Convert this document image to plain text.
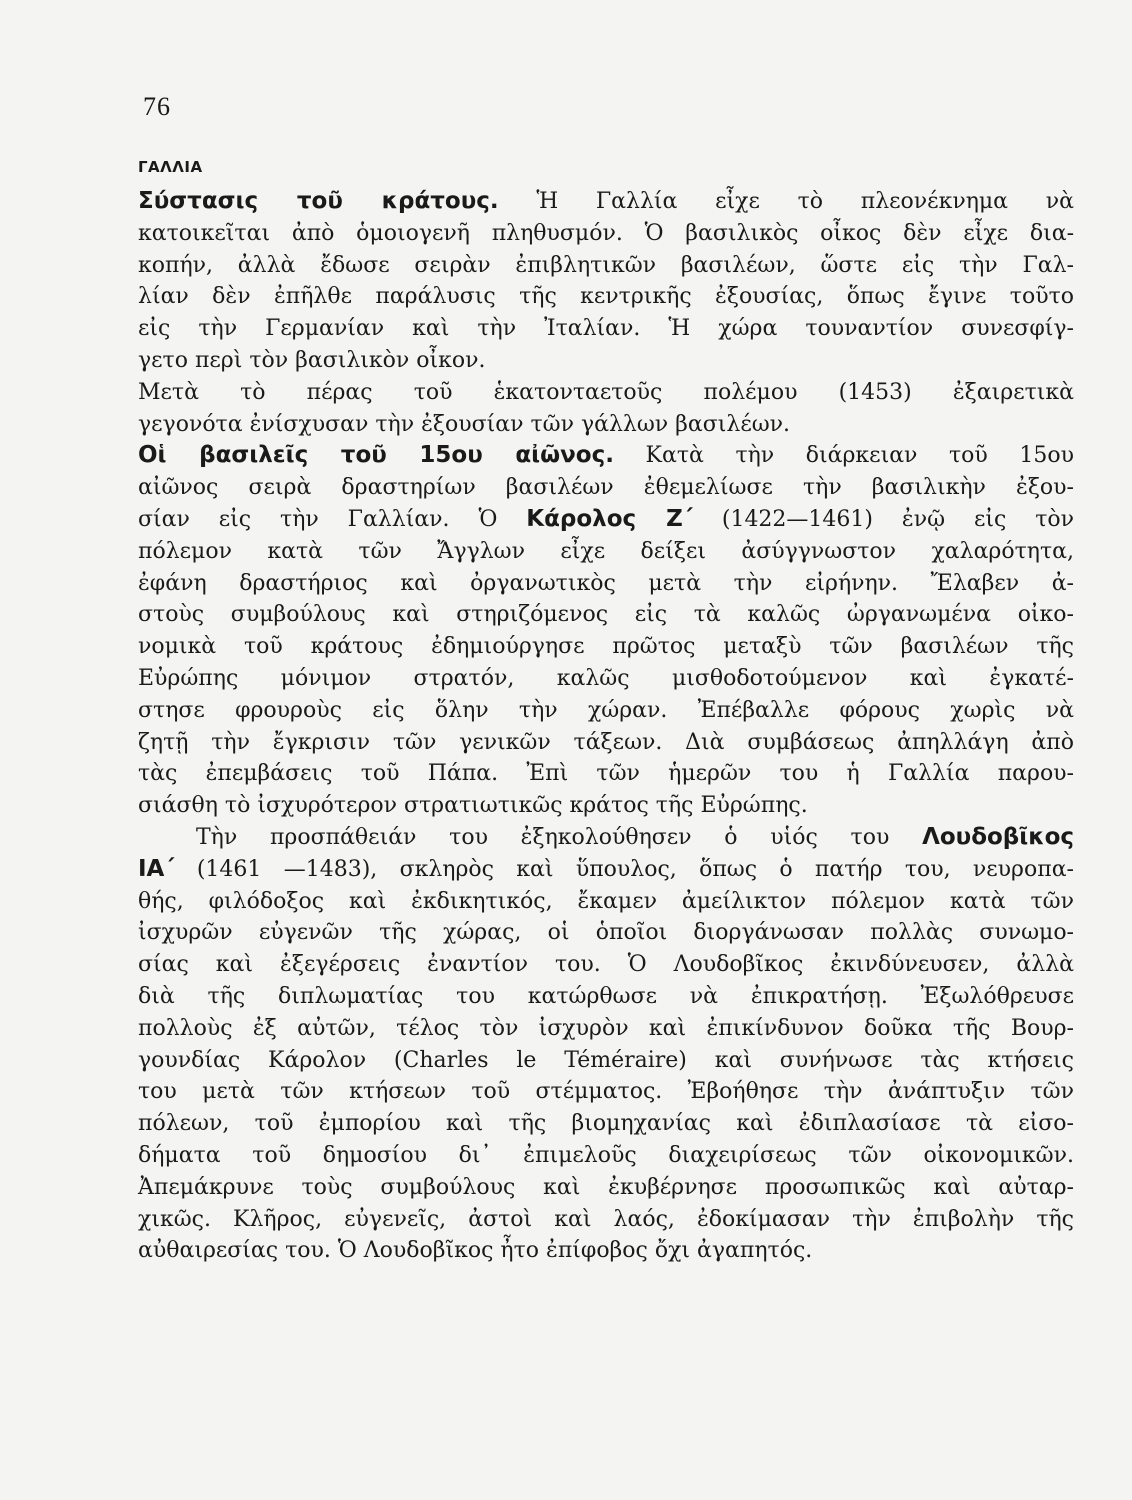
76
ΓΑΛΛΙΑ
Σύστασις τοῦ κράτους. Ἡ Γαλλία εἶχε τὸ πλεονέκνημα νὰ
κατοικεῖται ἀπὸ ὁμοιογενῆ πληθυσμόν. Ὁ βασιλικὸς οἶκος δὲν εἶχε δια-
κοπήν, ἀλλὰ ἔδωσε σειρὰν ἐπιβλητικῶν βασιλέων, ὥστε εἰς τὴν Γαλ-
λίαν δὲν ἐπῆλθε παράλυσις τῆς κεντρικῆς ἐξουσίας, ὅπως ἔγινε τοῦτο
εἰς τὴν Γερμανίαν καὶ τὴν Ἰταλίαν. Ἡ χώρα τουναντίον συνεσφίγ-
γετο περὶ τὸν βασιλικὸν οἶκον.
Μετὰ τὸ πέρας τοῦ ἑκατονταετοῦς πολέμου (1453) ἐξαιρετικὰ
γεγονότα ἐνίσχυσαν τὴν ἐξουσίαν τῶν γάλλων βασιλέων.
Οἱ βασιλεῖς τοῦ 15ου αἰῶνος. Κατὰ τὴν διάρκειαν τοῦ 15ου
αἰῶνος σειρὰ δραστηρίων βασιλέων ἐθεμελίωσε τὴν βασιλικὴν ἐξου-
σίαν εἰς τὴν Γαλλίαν. Ὁ Κάρολος Ζ΄ (1422—1461) ἐνῷ εἰς τὸν
πόλεμον κατὰ τῶν Ἄγγλων εἶχε δείξει ἀσύγγνωστον χαλαρότητα,
ἐφάνη δραστήριος καὶ ὀργανωτικὸς μετὰ τὴν εἰρήνην. Ἔλαβεν ἀ-
στοὺς συμβούλους καὶ στηριζόμενος εἰς τὰ καλῶς ὠργανωμένα οἰκο-
νομικὰ τοῦ κράτους ἐδημιούργησε πρῶτος μεταξὺ τῶν βασιλέων τῆς
Εὐρώπης μόνιμον στρατόν, καλῶς μισθοδοτούμενον καὶ ἐγκατέ-
στησε φρουροὺς εἰς ὅλην τὴν χώραν. Ἐπέβαλλε φόρους χωρὶς νὰ
ζητῇ τὴν ἔγκρισιν τῶν γενικῶν τάξεων. Διὰ συμβάσεως ἀπηλλάγη ἀπὸ
τὰς ἐπεμβάσεις τοῦ Πάπα. Ἐπὶ τῶν ἡμερῶν του ἡ Γαλλία παρου-
σιάσθη τὸ ἰσχυρότερον στρατιωτικῶς κράτος τῆς Εὐρώπης.
Τὴν προσπάθειάν του ἐξηκολούθησεν ὁ υἱός του Λουδοβῖκος
ΙΑ΄ (1461 —1483), σκληρὸς καὶ ὕπουλος, ὅπως ὁ πατήρ του, νευροπα-
θής, φιλόδοξος καὶ ἐκδικητικός, ἔκαμεν ἀμείλικτον πόλεμον κατὰ τῶν
ἰσχυρῶν εὐγενῶν τῆς χώρας, οἱ ὁποῖοι διοργάνωσαν πολλὰς συνωμο-
σίας καὶ ἐξεγέρσεις ἐναντίον του. Ὁ Λουδοβῖκος ἐκινδύνευσεν, ἀλλὰ
διὰ τῆς διπλωματίας του κατώρθωσε νὰ ἐπικρατήσῃ. Ἐξωλόθρευσε
πολλοὺς ἐξ αὐτῶν, τέλος τὸν ἰσχυρὸν καὶ ἐπικίνδυνον δοῦκα τῆς Βουρ-
γουνδίας Κάρολον (Charles le Téméraire) καὶ συνήνωσε τὰς κτήσεις
του μετὰ τῶν κτήσεων τοῦ στέμματος. Ἐβοήθησε τὴν ἀνάπτυξιν τῶν
πόλεων, τοῦ ἐμπορίου καὶ τῆς βιομηχανίας καὶ ἐδιπλασίασε τὰ εἰσο-
δήματα τοῦ δημοσίου δι᾽ ἐπιμελοῦς διαχειρίσεως τῶν οἰκονομικῶν.
Ἀπεμάκρυνε τοὺς συμβούλους καὶ ἐκυβέρνησε προσωπικῶς καὶ αὐταρ-
χικῶς. Κλῆρος, εὐγενεῖς, ἀστοὶ καὶ λαός, ἐδοκίμασαν τὴν ἐπιβολὴν τῆς
αὐθαιρεσίας του. Ὁ Λουδοβῖκος ἦτο ἐπίφοβος ὄχι ἀγαπητός.
